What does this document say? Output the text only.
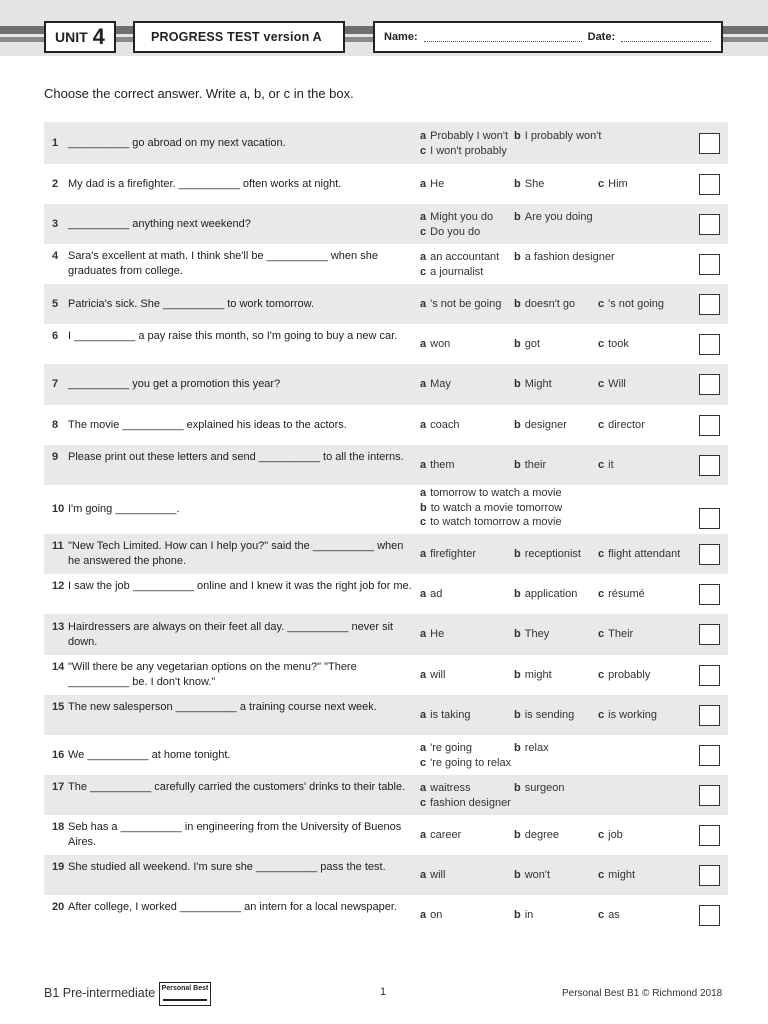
UNIT 4	PROGRESS TEST version A	Name:	Date:
Choose the correct answer. Write a, b, or c in the box.
1 __________ go abroad on my next vacation.
a Probably I won't b I probably won't
c I won't probably
2 My dad is a firefighter. __________ often works at night.	a He	b She	c Him
3 __________ anything next weekend?
a Might you do b Are you doing
c Do you do
4 Sara's excellent at math. I think she'll be __________ when she graduates from college.
a an accountant b a fashion designer
c a journalist
5 Patricia's sick. She __________ to work tomorrow.	a 's not be going b doesn't go c 's not going
6 I __________ a pay raise this month, so I'm going to buy a new car.
a won	b got	c took
7 __________ you get a promotion this year?	a May	b Might	c Will
8 The movie __________ explained his ideas to the actors.	a coach	b designer	c director
9 Please print out these letters and send __________ to all the interns.
a them	b their	c it
10 I'm going __________.
a tomorrow to watch a movie
b to watch a movie tomorrow
c to watch tomorrow a movie
11 "New Tech Limited. How can I help you?" said the __________ when he answered the phone.
a firefighter	b receptionist c flight attendant
12 I saw the job __________ online and I knew it was the right job for me.
a ad	b application c résumé
13 Hairdressers are always on their feet all day. __________ never sit down.
a He	b They	c Their
14 "Will there be any vegetarian options on the menu?" "There __________ be. I don't know."
a will	b might	c probably
15 The new salesperson __________ a training course next week.
a is taking	b is sending c is working
16 We __________ at home tonight.
a 're going	b relax
c 're going to relax
17 The __________ carefully carried the customers' drinks to their table.	a waitress	b surgeon
c fashion designer
18 Seb has a __________ in engineering from the University of Buenos Aires.
a career	b degree	c job
19 She studied all weekend. I'm sure she __________ pass the test.
a will	b won't	c might
20 After college, I worked __________ an intern for a local newspaper.
a on	b in	c as
B1 Pre-intermediate Personal Best	1	Personal Best B1 © Richmond 2018
